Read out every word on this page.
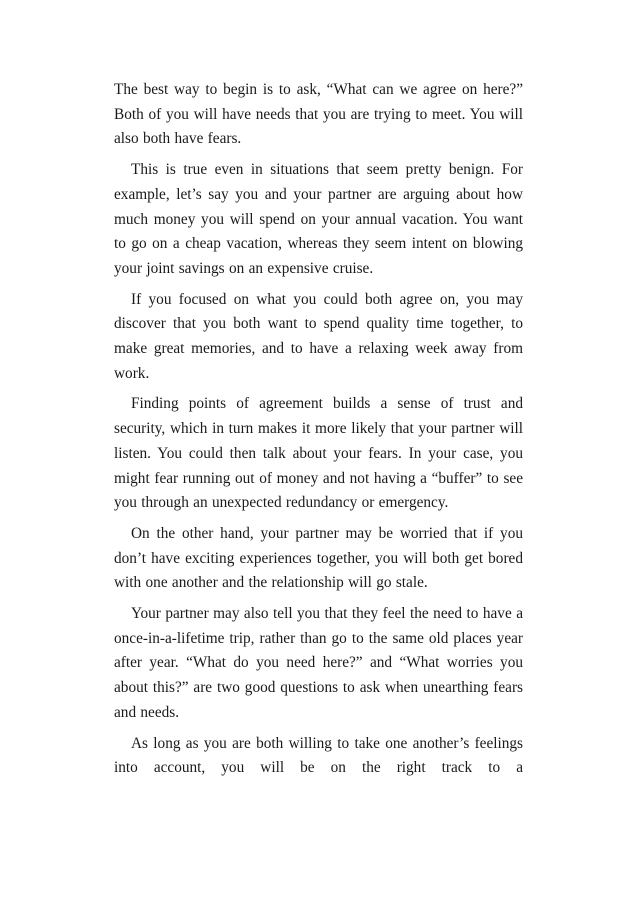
The best way to begin is to ask, “What can we agree on here?” Both of you will have needs that you are trying to meet. You will also both have fears.

This is true even in situations that seem pretty benign. For example, let’s say you and your partner are arguing about how much money you will spend on your annual vacation. You want to go on a cheap vacation, whereas they seem intent on blowing your joint savings on an expensive cruise.

If you focused on what you could both agree on, you may discover that you both want to spend quality time together, to make great memories, and to have a relaxing week away from work.

Finding points of agreement builds a sense of trust and security, which in turn makes it more likely that your partner will listen. You could then talk about your fears. In your case, you might fear running out of money and not having a “buffer” to see you through an unexpected redundancy or emergency.

On the other hand, your partner may be worried that if you don’t have exciting experiences together, you will both get bored with one another and the relationship will go stale.

Your partner may also tell you that they feel the need to have a once-in-a-lifetime trip, rather than go to the same old places year after year. “What do you need here?” and “What worries you about this?” are two good questions to ask when unearthing fears and needs.

As long as you are both willing to take one another’s feelings into account, you will be on the right track to a
